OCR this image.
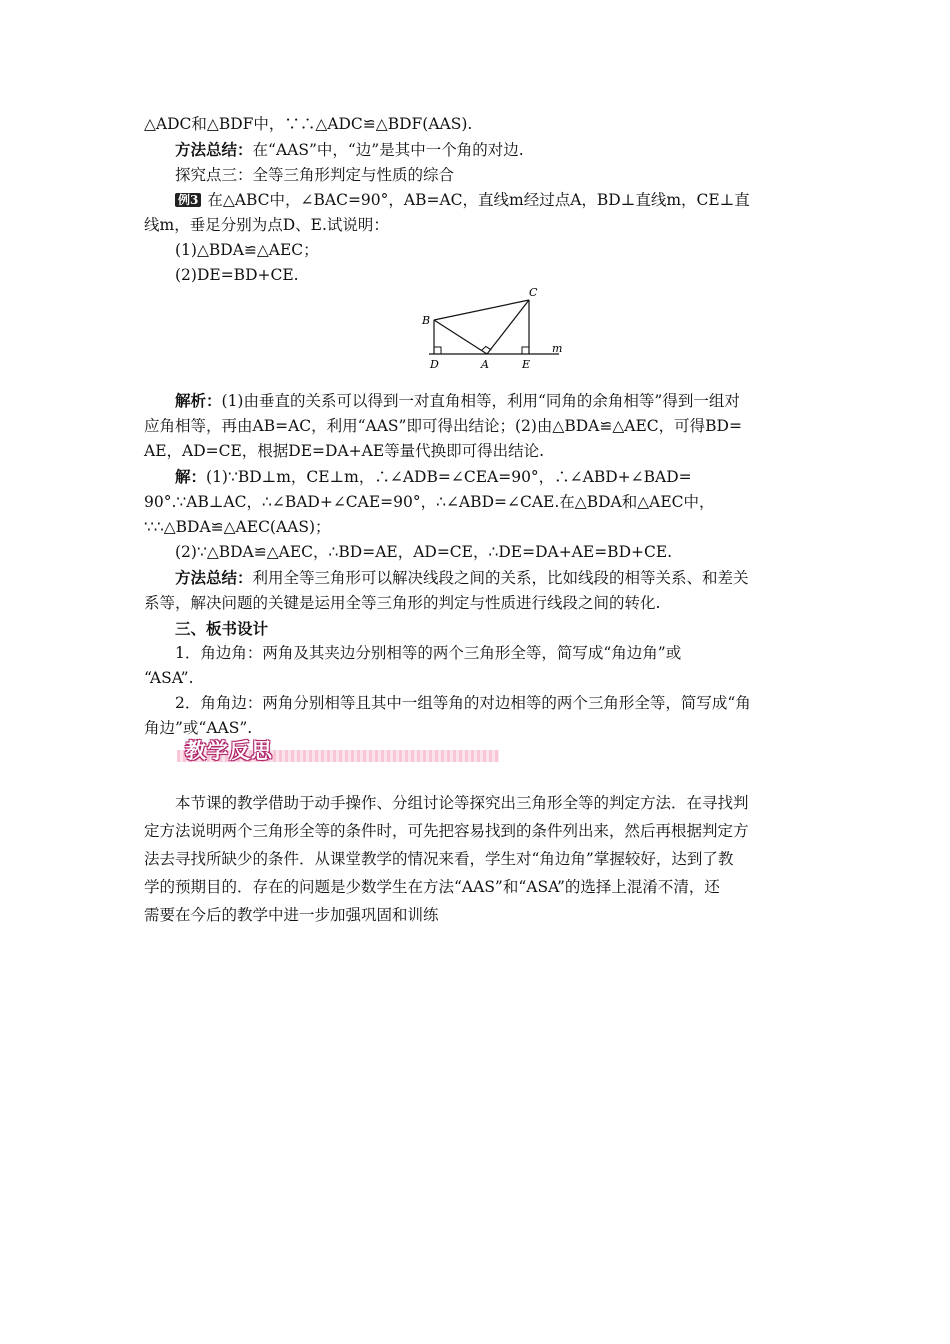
△ADC和△BDF中，∵∴△ADC≌△BDF(AAS).

方法总结：在“AAS”中，“边”是其中一个角的对边.

探究点三：全等三角形判定与性质的综合

例3 在△ABC中，∠BAC=90°，AB=AC，直线m经过点A，BD⊥直线m，CE⊥直

线m，垂足分别为点D、E.试说明：

(1)△BDA≌△AEC；

(2)DE=BD+CE.

解析：(1)由垂直的关系可以得到一对直角相等，利用“同角的余角相等”得到一组对

应角相等，再由AB=AC，利用“AAS”即可得出结论；(2)由△BDA≌△AEC，可得BD=

AE，AD=CE，根据DE=DA+AE等量代换即可得出结论.

解：(1)∵BD⊥m，CE⊥m，∴∠ADB=∠CEA=90°，∴∠ABD+∠BAD=

90°.∵AB⊥AC，∴∠BAD+∠CAE=90°，∴∠ABD=∠CAE.在△BDA和△AEC中，

∵∴△BDA≌△AEC(AAS)；

(2)∵△BDA≌△AEC，∴BD=AE，AD=CE，∴DE=DA+AE=BD+CE.

方法总结：利用全等三角形可以解决线段之间的关系，比如线段的相等关系、和差关

系等，解决问题的关键是运用全等三角形的判定与性质进行线段之间的转化.

三、板书设计

1．角边角：两角及其夹边分别相等的两个三角形全等，简写成“角边角”或

“ASA”.

2．角角边：两角分别相等且其中一组等角的对边相等的两个三角形全等，简写成“角

角边”或“AAS”.

B
C
D	A	E
m
教学反思

本节课的教学借助于动手操作、分组讨论等探究出三角形全等的判定方法．在寻找判

定方法说明两个三角形全等的条件时，可先把容易找到的条件列出来，然后再根据判定方

法去寻找所缺少的条件．从课堂教学的情况来看，学生对“角边角”掌握较好，达到了教

学的预期目的．存在的问题是少数学生在方法“AAS”和“ASA”的选择上混淆不清，还

需要在今后的教学中进一步加强巩固和训练
